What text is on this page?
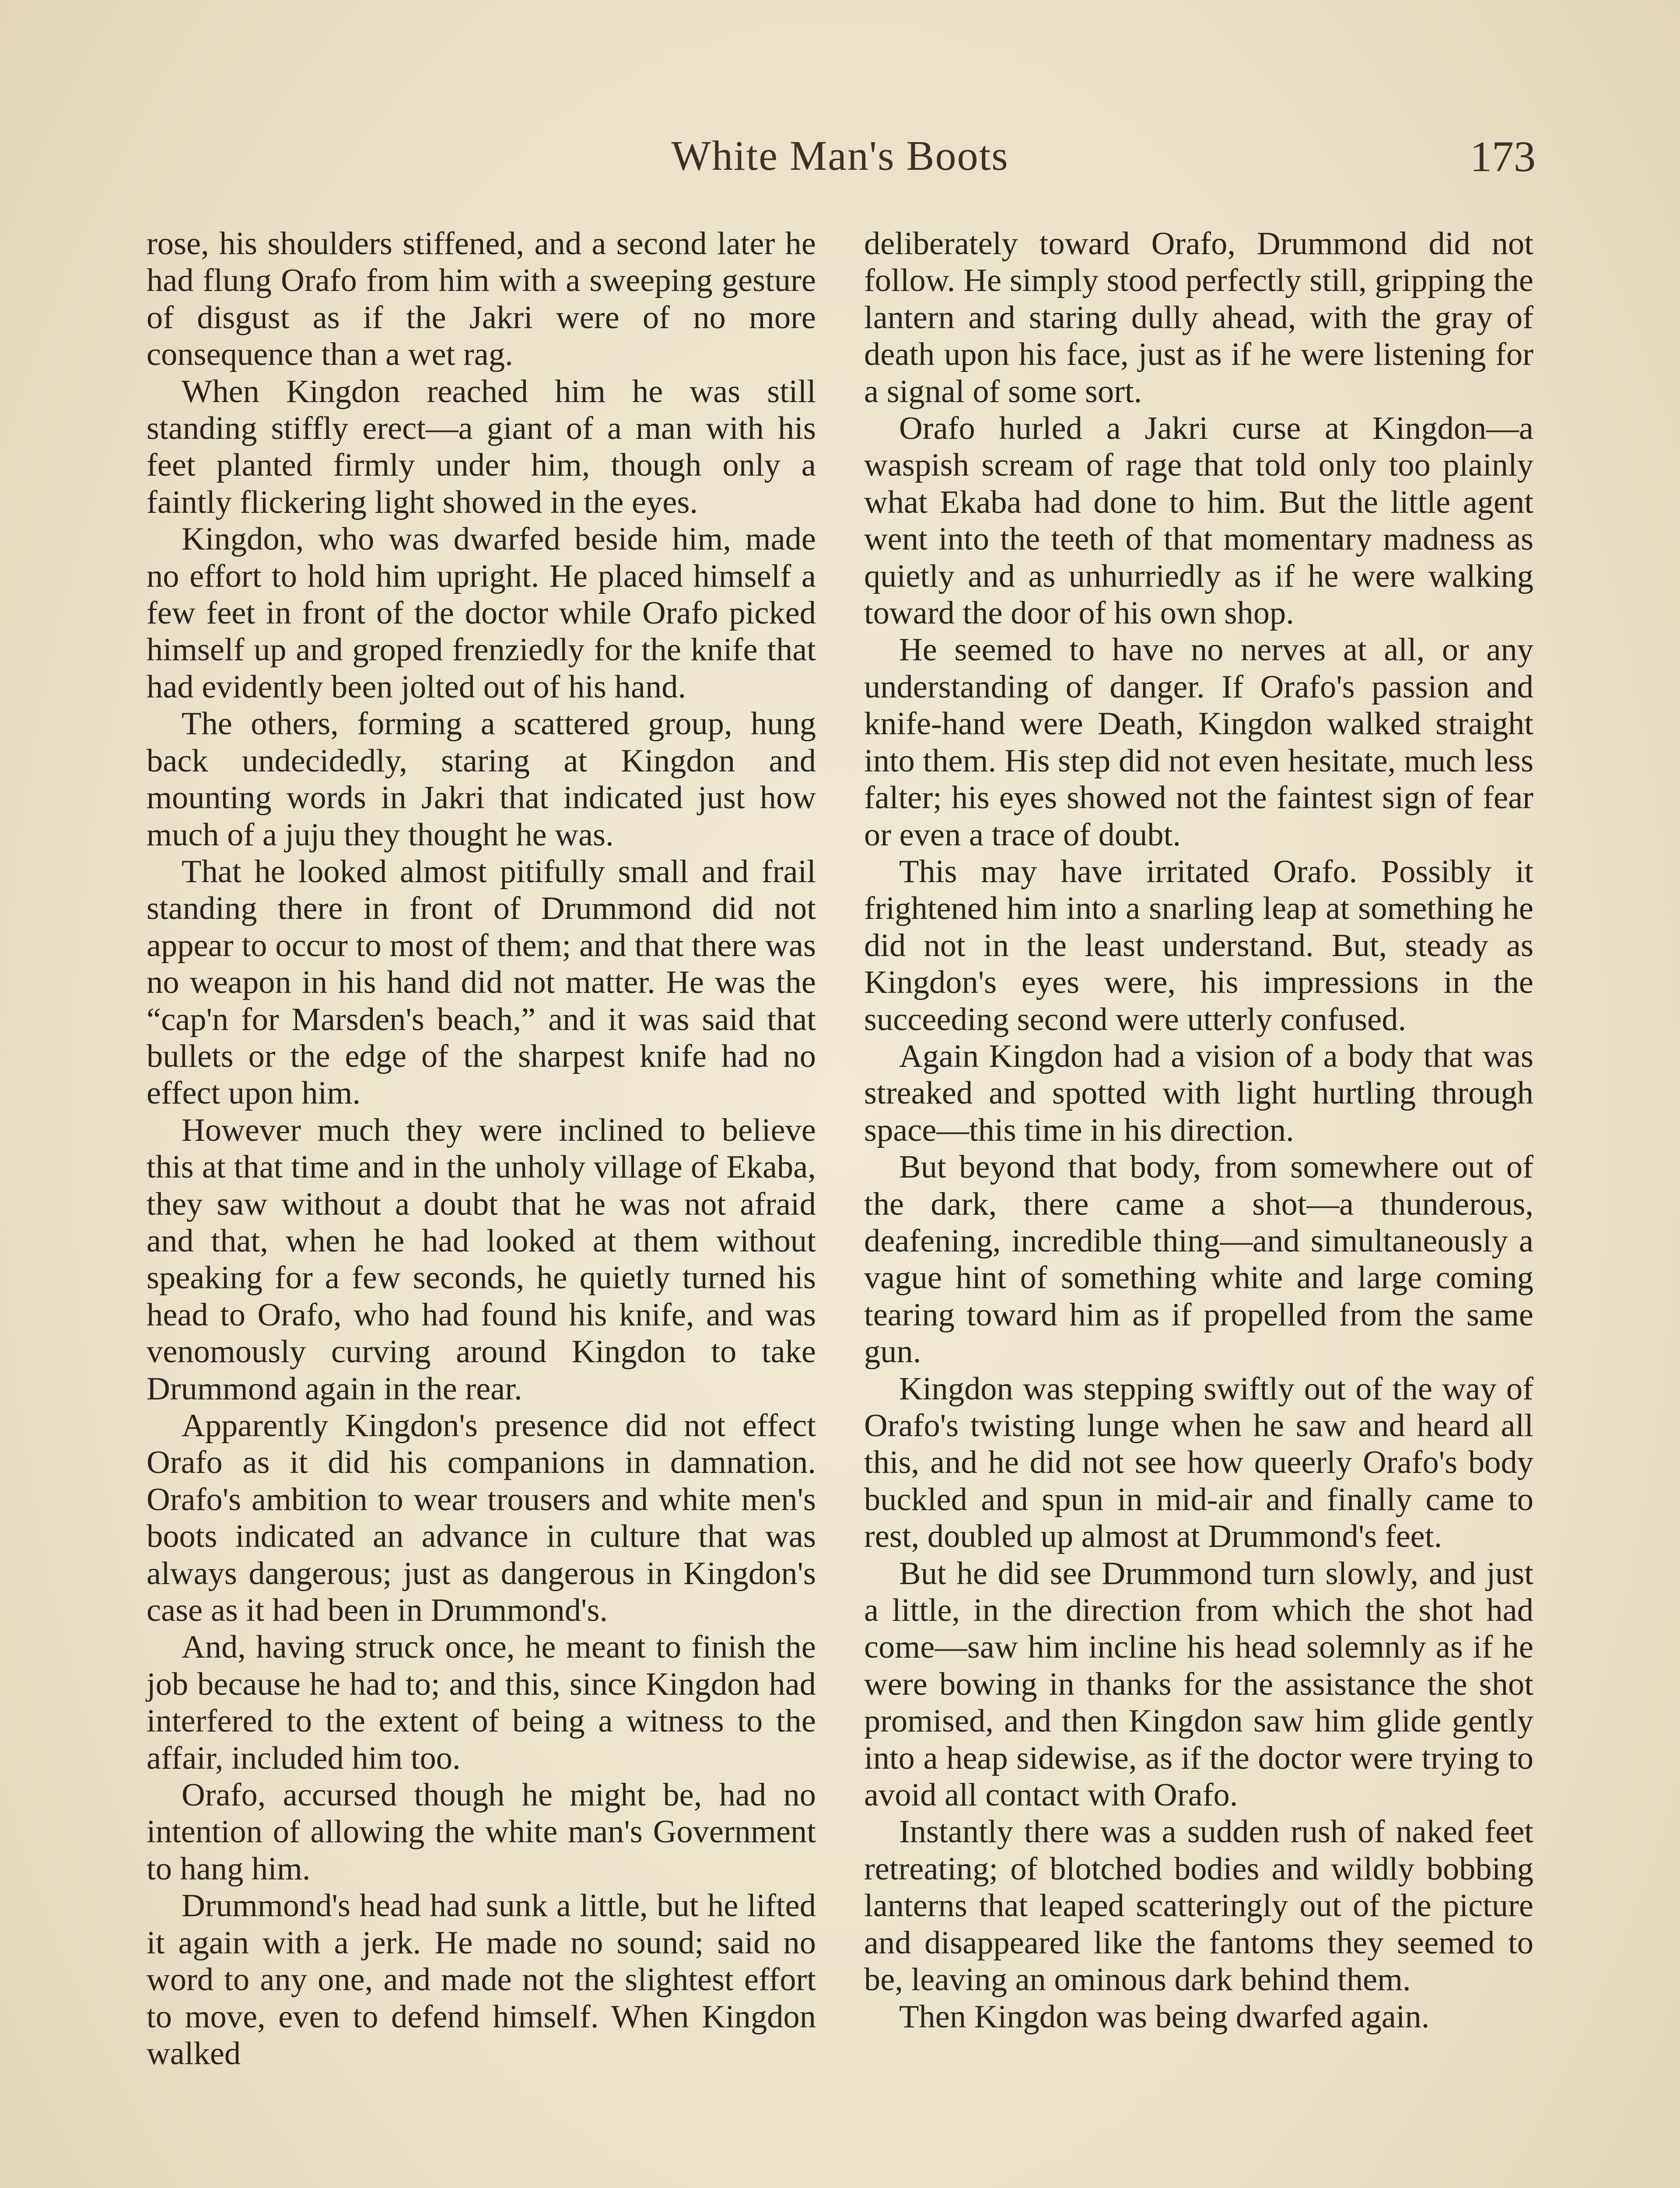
White Man's Boots	173

rose, his shoulders stiffened, and a second later he had flung Orafo from him with a sweeping gesture of disgust as if the Jakri were of no more consequence than a wet rag.

When Kingdon reached him he was still standing stiffly erect—a giant of a man with his feet planted firmly under him, though only a faintly flickering light showed in the eyes.

Kingdon, who was dwarfed beside him, made no effort to hold him upright. He placed himself a few feet in front of the doctor while Orafo picked himself up and groped frenziedly for the knife that had evidently been jolted out of his hand.

The others, forming a scattered group, hung back undecidedly, staring at Kingdon and mounting words in Jakri that indicated just how much of a juju they thought he was.

That he looked almost pitifully small and frail standing there in front of Drummond did not appear to occur to most of them; and that there was no weapon in his hand did not matter. He was the “cap'n for Marsden's beach,” and it was said that bullets or the edge of the sharpest knife had no effect upon him.

However much they were inclined to believe this at that time and in the unholy village of Ekaba, they saw without a doubt that he was not afraid and that, when he had looked at them without speaking for a few seconds, he quietly turned his head to Orafo, who had found his knife, and was venomously curving around Kingdon to take Drummond again in the rear.

Apparently Kingdon's presence did not effect Orafo as it did his companions in damnation. Orafo's ambition to wear trousers and white men's boots indicated an advance in culture that was always dangerous; just as dangerous in Kingdon's case as it had been in Drummond's.

And, having struck once, he meant to finish the job because he had to; and this, since Kingdon had interfered to the extent of being a witness to the affair, included him too.

Orafo, accursed though he might be, had no intention of allowing the white man's Government to hang him.

Drummond's head had sunk a little, but he lifted it again with a jerk. He made no sound; said no word to any one, and made not the slightest effort to move, even to defend himself. When Kingdon walked

deliberately toward Orafo, Drummond did not follow. He simply stood perfectly still, gripping the lantern and staring dully ahead, with the gray of death upon his face, just as if he were listening for a signal of some sort.

Orafo hurled a Jakri curse at Kingdon—a waspish scream of rage that told only too plainly what Ekaba had done to him. But the little agent went into the teeth of that momentary madness as quietly and as unhurriedly as if he were walking toward the door of his own shop.

He seemed to have no nerves at all, or any understanding of danger. If Orafo's passion and knife-hand were Death, Kingdon walked straight into them. His step did not even hesitate, much less falter; his eyes showed not the faintest sign of fear or even a trace of doubt.

This may have irritated Orafo. Possibly it frightened him into a snarling leap at something he did not in the least understand. But, steady as Kingdon's eyes were, his impressions in the succeeding second were utterly confused.

Again Kingdon had a vision of a body that was streaked and spotted with light hurtling through space—this time in his direction.

But beyond that body, from somewhere out of the dark, there came a shot—a thunderous, deafening, incredible thing—and simultaneously a vague hint of something white and large coming tearing toward him as if propelled from the same gun.

Kingdon was stepping swiftly out of the way of Orafo's twisting lunge when he saw and heard all this, and he did not see how queerly Orafo's body buckled and spun in mid-air and finally came to rest, doubled up almost at Drummond's feet.

But he did see Drummond turn slowly, and just a little, in the direction from which the shot had come—saw him incline his head solemnly as if he were bowing in thanks for the assistance the shot promised, and then Kingdon saw him glide gently into a heap sidewise, as if the doctor were trying to avoid all contact with Orafo.

Instantly there was a sudden rush of naked feet retreating; of blotched bodies and wildly bobbing lanterns that leaped scatteringly out of the picture and disappeared like the fantoms they seemed to be, leaving an ominous dark behind them.

Then Kingdon was being dwarfed again.
